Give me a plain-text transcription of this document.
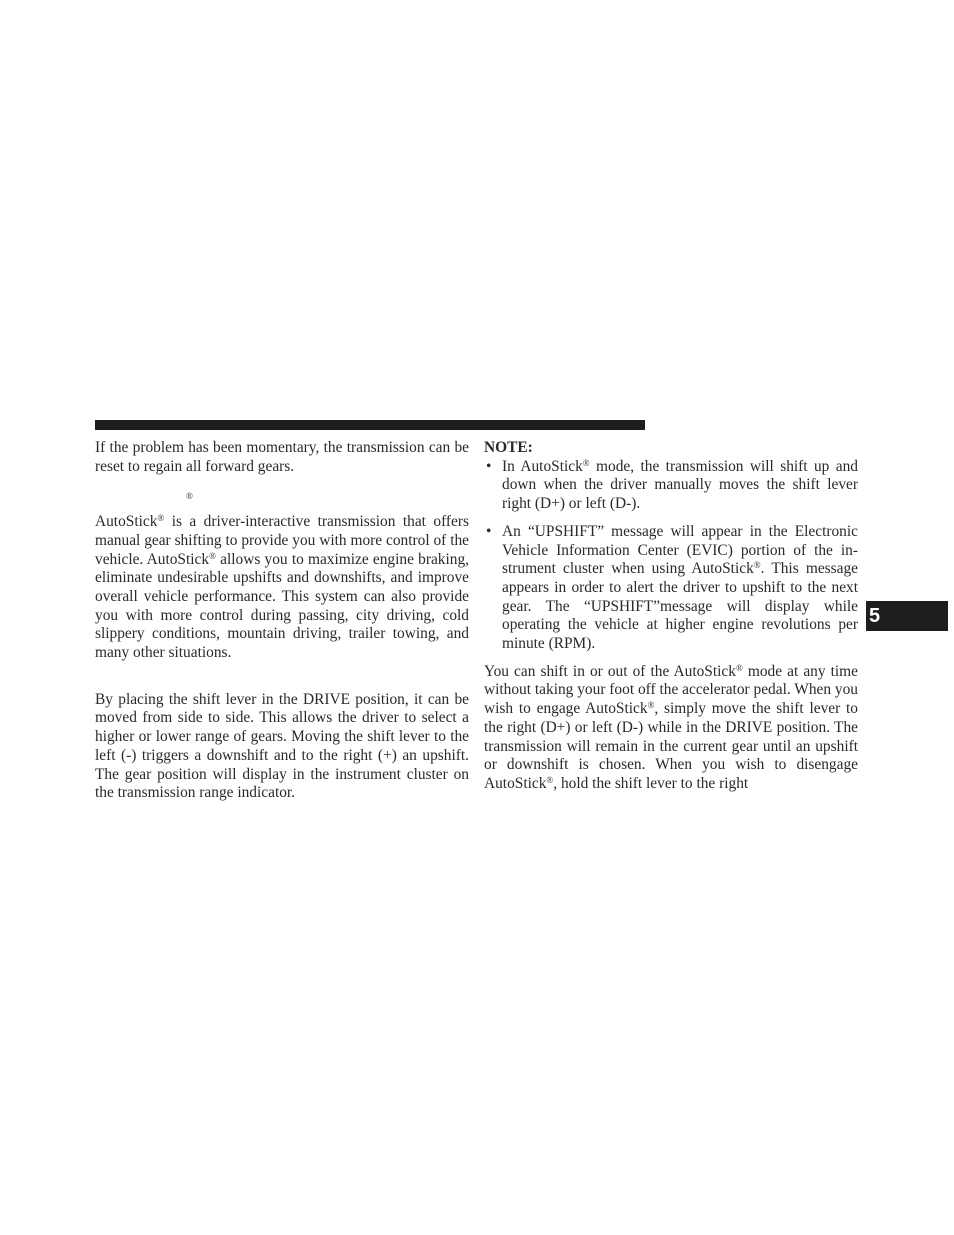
If the problem has been momentary, the transmission can be reset to regain all forward gears.

®

AutoStick® is a driver-interactive transmission that offers manual gear shifting to provide you with more control of the vehicle. AutoStick® allows you to maximize engine braking, eliminate undesirable upshifts and downshifts, and improve overall vehicle performance. This system can also provide you with more control during passing, city driving, cold slippery conditions, mountain driving, trailer towing, and many other situations.

By placing the shift lever in the DRIVE position, it can be moved from side to side. This allows the driver to select a higher or lower range of gears. Moving the shift lever to the left (-) triggers a downshift and to the right (+) an upshift. The gear position will display in the instrument cluster on the transmission range indicator.

NOTE:
• In AutoStick® mode, the transmission will shift up and down when the driver manually moves the shift lever right (D+) or left (D-).
• An “UPSHIFT” message will appear in the Electronic Vehicle Information Center (EVIC) portion of the instrument cluster when using AutoStick®. This message appears in order to alert the driver to upshift to the next gear. The “UPSHIFT”message will display while operating the vehicle at higher engine revolutions per minute (RPM).

You can shift in or out of the AutoStick® mode at any time without taking your foot off the accelerator pedal. When you wish to engage AutoStick®, simply move the shift lever to the right (D+) or left (D-) while in the DRIVE position. The transmission will remain in the current gear until an upshift or downshift is chosen. When you wish to disengage AutoStick®, hold the shift lever to the right

5
